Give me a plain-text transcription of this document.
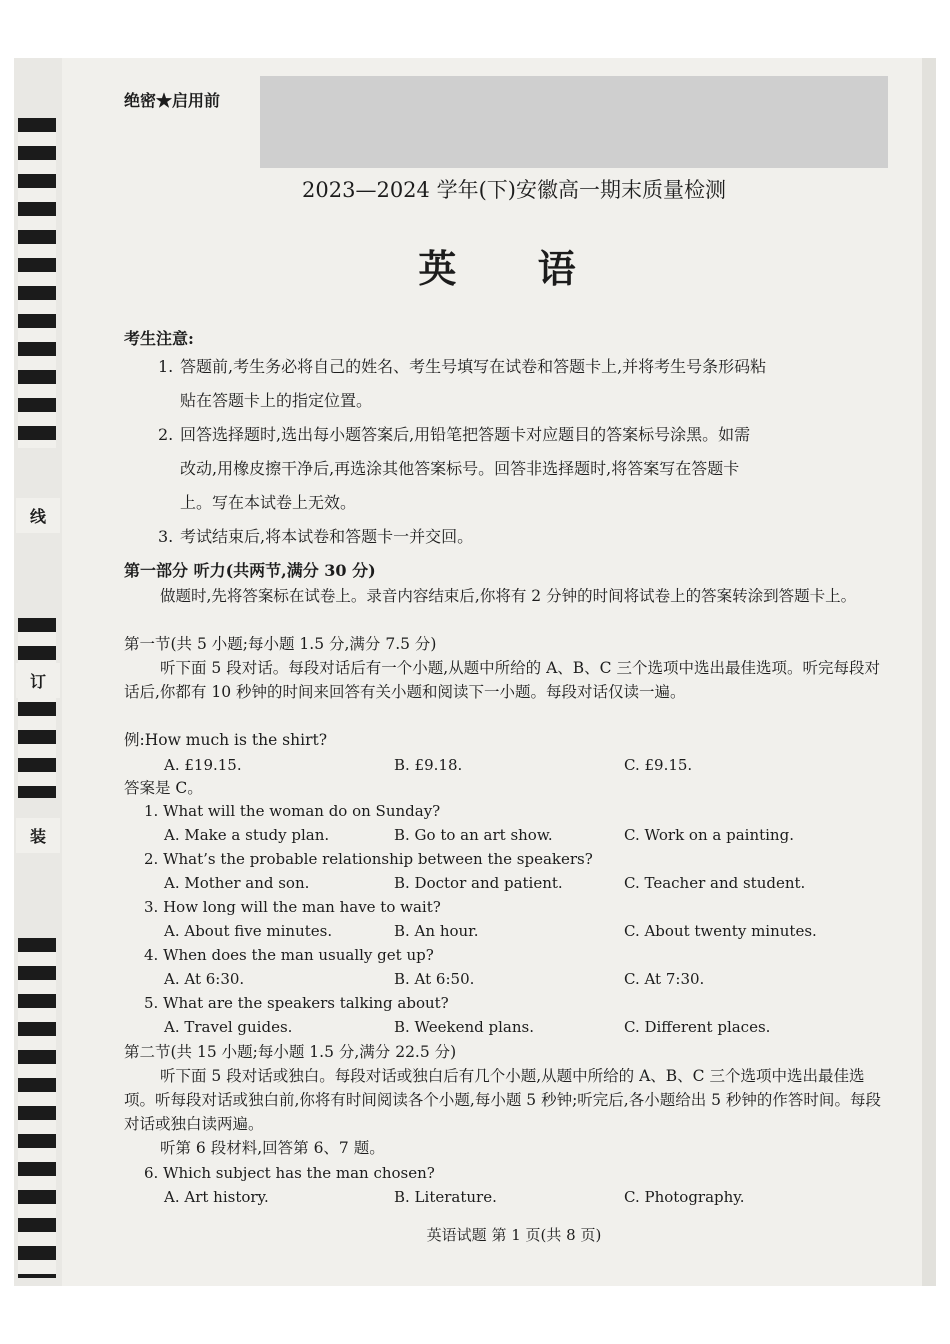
线
订
装
绝密★启用前
2023—2024 学年(下)安徽高一期末质量检测
英 语
考生注意:
1. 答题前,考生务必将自己的姓名、考生号填写在试卷和答题卡上,并将考生号条形码粘
贴在答题卡上的指定位置。
2. 回答选择题时,选出每小题答案后,用铅笔把答题卡对应题目的答案标号涂黑。如需
改动,用橡皮擦干净后,再选涂其他答案标号。回答非选择题时,将答案写在答题卡
上。写在本试卷上无效。
3. 考试结束后,将本试卷和答题卡一并交回。
第一部分 听力(共两节,满分 30 分)
做题时,先将答案标在试卷上。录音内容结束后,你将有 2 分钟的时间将试卷上的答案转涂到答题卡上。
第一节(共 5 小题;每小题 1.5 分,满分 7.5 分)
听下面 5 段对话。每段对话后有一个小题,从题中所给的 A、B、C 三个选项中选出最佳选项。听完每段对话后,你都有 10 秒钟的时间来回答有关小题和阅读下一小题。每段对话仅读一遍。
例:How much is the shirt?
A. £19.15.	B. £9.18.	C. £9.15.
答案是 C。
1. What will the woman do on Sunday?
A. Make a study plan.	B. Go to an art show.	C. Work on a painting.
2. What’s the probable relationship between the speakers?
A. Mother and son.	B. Doctor and patient.	C. Teacher and student.
3. How long will the man have to wait?
A. About five minutes.	B. An hour.	C. About twenty minutes.
4. When does the man usually get up?
A. At 6:30.	B. At 6:50.	C. At 7:30.
5. What are the speakers talking about?
A. Travel guides.	B. Weekend plans.	C. Different places.
第二节(共 15 小题;每小题 1.5 分,满分 22.5 分)
听下面 5 段对话或独白。每段对话或独白后有几个小题,从题中所给的 A、B、C 三个选项中选出最佳选项。听每段对话或独白前,你将有时间阅读各个小题,每小题 5 秒钟;听完后,各小题给出 5 秒钟的作答时间。每段对话或独白读两遍。
听第 6 段材料,回答第 6、7 题。
6. Which subject has the man chosen?
A. Art history.	B. Literature.	C. Photography.
英语试题 第 1 页(共 8 页)
